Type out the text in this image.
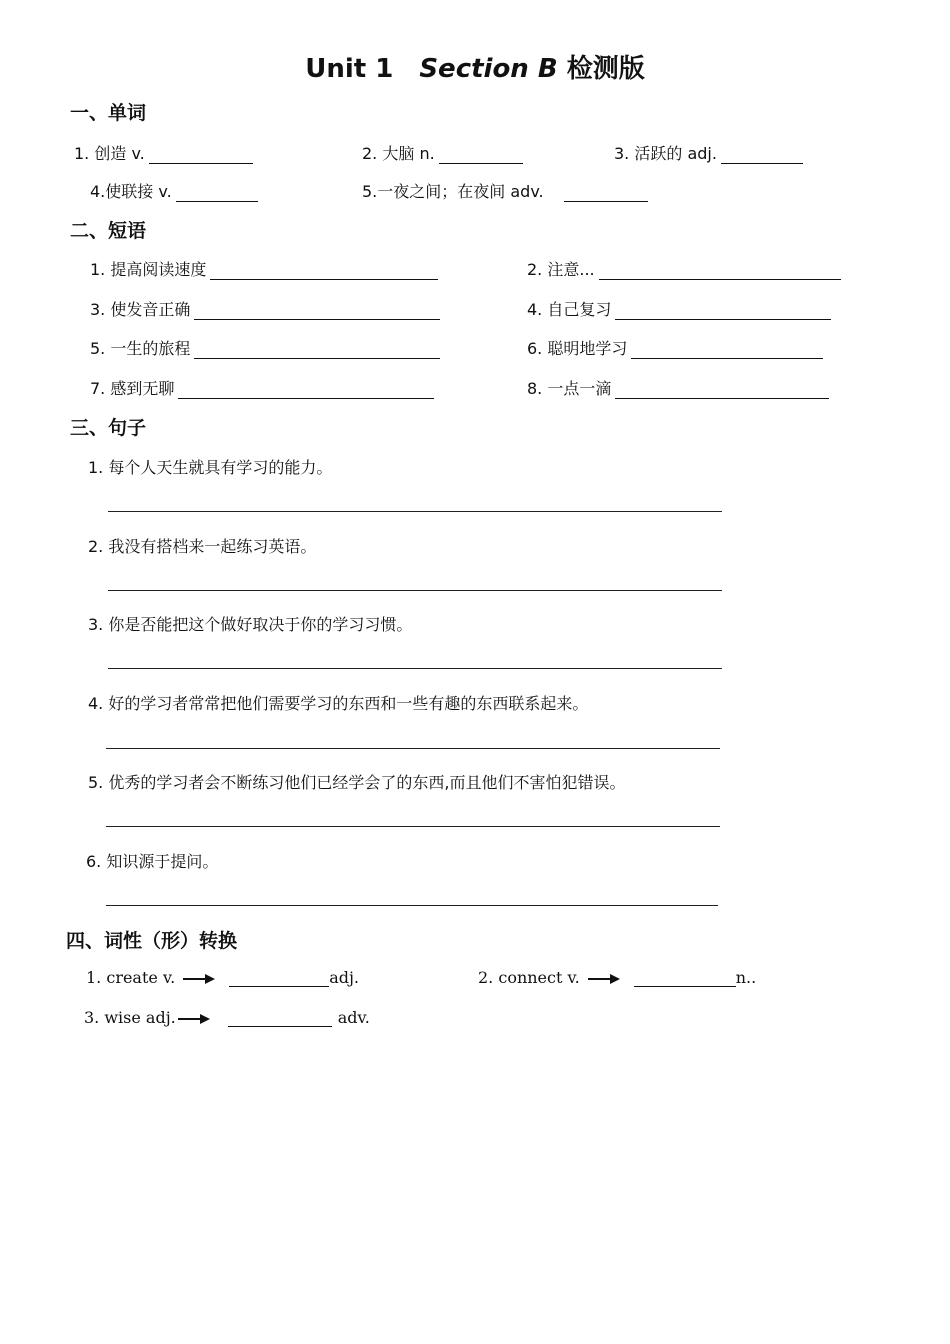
Unit 1 Section B 检测版
一、单词
1. 创造 v.	2. 大脑 n.	3. 活跃的 adj.
4.使联接 v.	5.一夜之间；在夜间 adv.
二、短语
1. 提高阅读速度	2. 注意...
3. 使发音正确	4. 自己复习
5. 一生的旅程	6. 聪明地学习
7. 感到无聊	8. 一点一滴
三、句子
1. 每个人天生就具有学习的能力。
2. 我没有搭档来一起练习英语。
3. 你是否能把这个做好取决于你的学习习惯。
4. 好的学习者常常把他们需要学习的东西和一些有趣的东西联系起来。
5. 优秀的学习者会不断练习他们已经学会了的东西,而且他们不害怕犯错误。
6. 知识源于提问。
四、词性（形）转换
1. create v.	adj.	2. connect v.	n..
3. wise adj.	adv.
